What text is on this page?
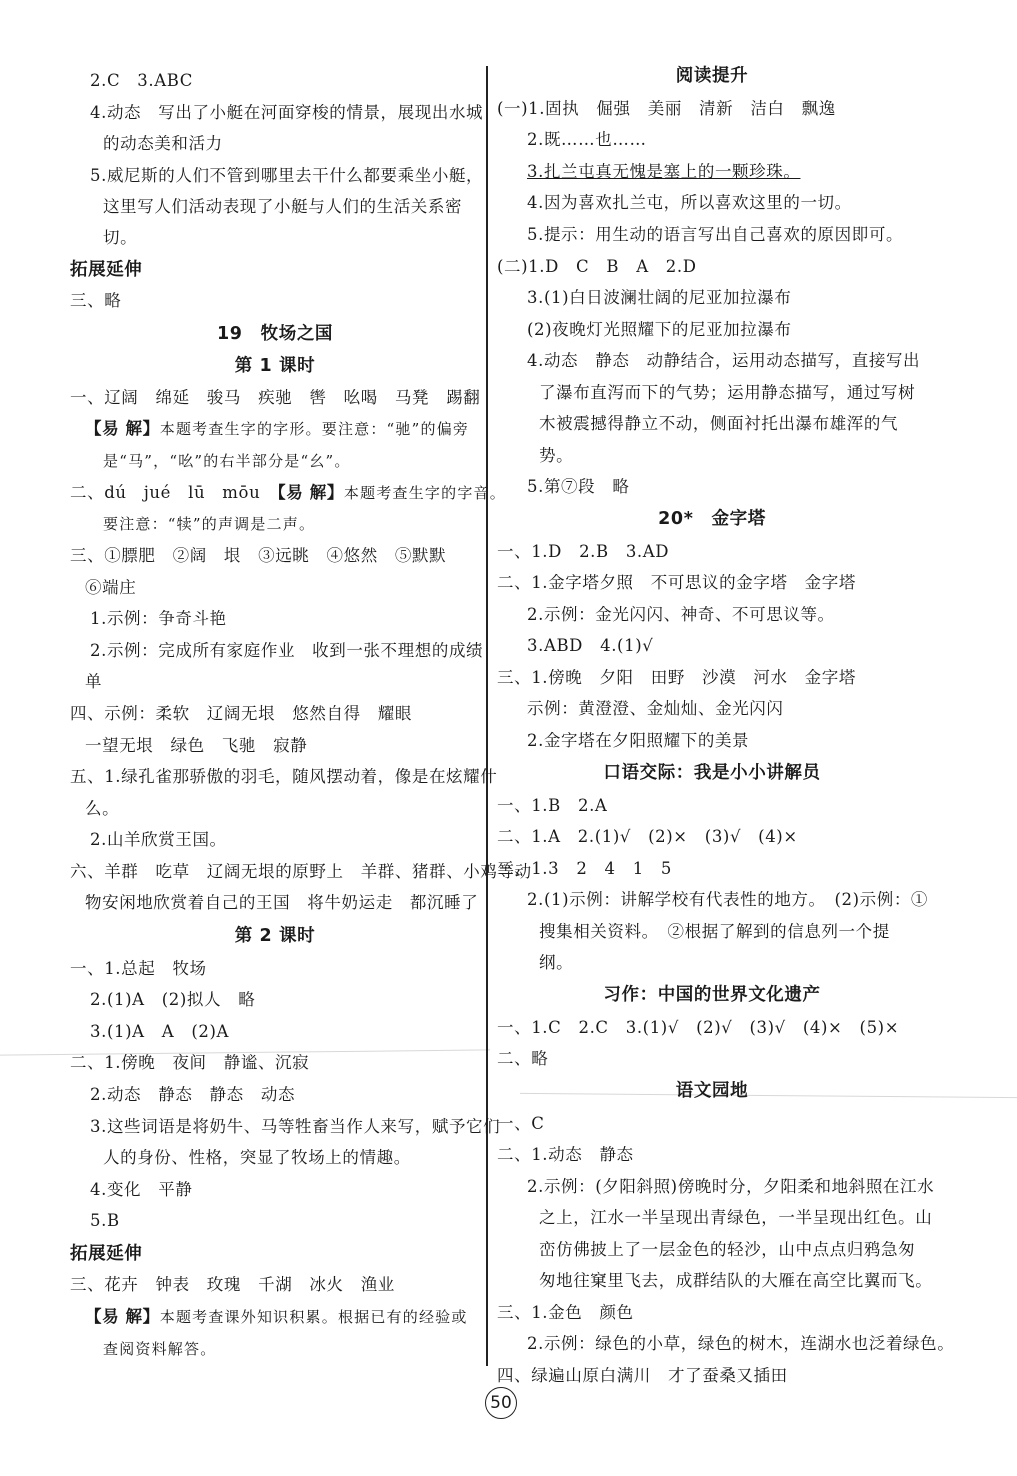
2.C　3.ABC
4.动态　写出了小艇在河面穿梭的情景，展现出水城
的动态美和活力
5.威尼斯的人们不管到哪里去干什么都要乘坐小艇，
这里写人们活动表现了小艇与人们的生活关系密
切。
拓展延伸
三、略
19　牧场之国
第 1 课时
一、辽阔　绵延　骏马　疾驰　辔　吆喝　马凳　踢翻
【易 解】本题考查生字的字形。要注意：“驰”的偏旁
是“马”，“吆”的右半部分是“幺”。
二、dú　jué　lū　mōu　【易 解】本题考查生字的字音。
要注意：“犊”的声调是二声。
三、①膘肥　②阔　垠　③远眺　④悠然　⑤默默
⑥端庄
1.示例：争奇斗艳
2.示例：完成所有家庭作业　收到一张不理想的成绩
单
四、示例：柔软　辽阔无垠　悠然自得　耀眼
一望无垠　绿色　飞驰　寂静
五、1.绿孔雀那骄傲的羽毛，随风摆动着，像是在炫耀什
么。
2.山羊欣赏王国。
六、羊群　吃草　辽阔无垠的原野上　羊群、猪群、小鸡等动
物安闲地欣赏着自己的王国　将牛奶运走　都沉睡了
第 2 课时
一、1.总起　牧场
2.(1)A　(2)拟人　略
3.(1)A　A　(2)A
二、1.傍晚　夜间　静谧、沉寂
2.动态　静态　静态　动态
3.这些词语是将奶牛、马等牲畜当作人来写，赋予它们
人的身份、性格，突显了牧场上的情趣。
4.变化　平静
5.B
拓展延伸
三、花卉　钟表　玫瑰　千湖　冰火　渔业
【易 解】本题考查课外知识积累。根据已有的经验或
查阅资料解答。
阅读提升
(一)1.固执　倔强　美丽　清新　洁白　飘逸
2.既……也……
3.扎兰屯真无愧是塞上的一颗珍珠。
4.因为喜欢扎兰屯，所以喜欢这里的一切。
5.提示：用生动的语言写出自己喜欢的原因即可。
(二)1.D　C　B　A　2.D
3.(1)白日波澜壮阔的尼亚加拉瀑布
(2)夜晚灯光照耀下的尼亚加拉瀑布
4.动态　静态　动静结合，运用动态描写，直接写出
了瀑布直泻而下的气势；运用静态描写，通过写树
木被震撼得静立不动，侧面衬托出瀑布雄浑的气
势。
5.第⑦段　略
20*　金字塔
一、1.D　2.B　3.AD
二、1.金字塔夕照　不可思议的金字塔　金字塔
2.示例：金光闪闪、神奇、不可思议等。
3.ABD　4.(1)√
三、1.傍晚　夕阳　田野　沙漠　河水　金字塔
示例：黄澄澄、金灿灿、金光闪闪
2.金字塔在夕阳照耀下的美景
口语交际：我是小小讲解员
一、1.B　2.A
二、1.A　2.(1)√　(2)×　(3)√　(4)×
三、1.3　2　4　1　5
2.(1)示例：讲解学校有代表性的地方。　(2)示例：①
搜集相关资料。　②根据了解到的信息列一个提
纲。
习作：中国的世界文化遗产
一、1.C　2.C　3.(1)√　(2)√　(3)√　(4)×　(5)×
二、略
语文园地
一、C
二、1.动态　静态
2.示例：(夕阳斜照)傍晚时分，夕阳柔和地斜照在江水
之上，江水一半呈现出青绿色，一半呈现出红色。山
峦仿佛披上了一层金色的轻沙，山中点点归鸦急匆
匆地往窠里飞去，成群结队的大雁在高空比翼而飞。
三、1.金色　颜色
2.示例：绿色的小草，绿色的树木，连湖水也泛着绿色。
四、绿遍山原白满川　才了蚕桑又插田
50
